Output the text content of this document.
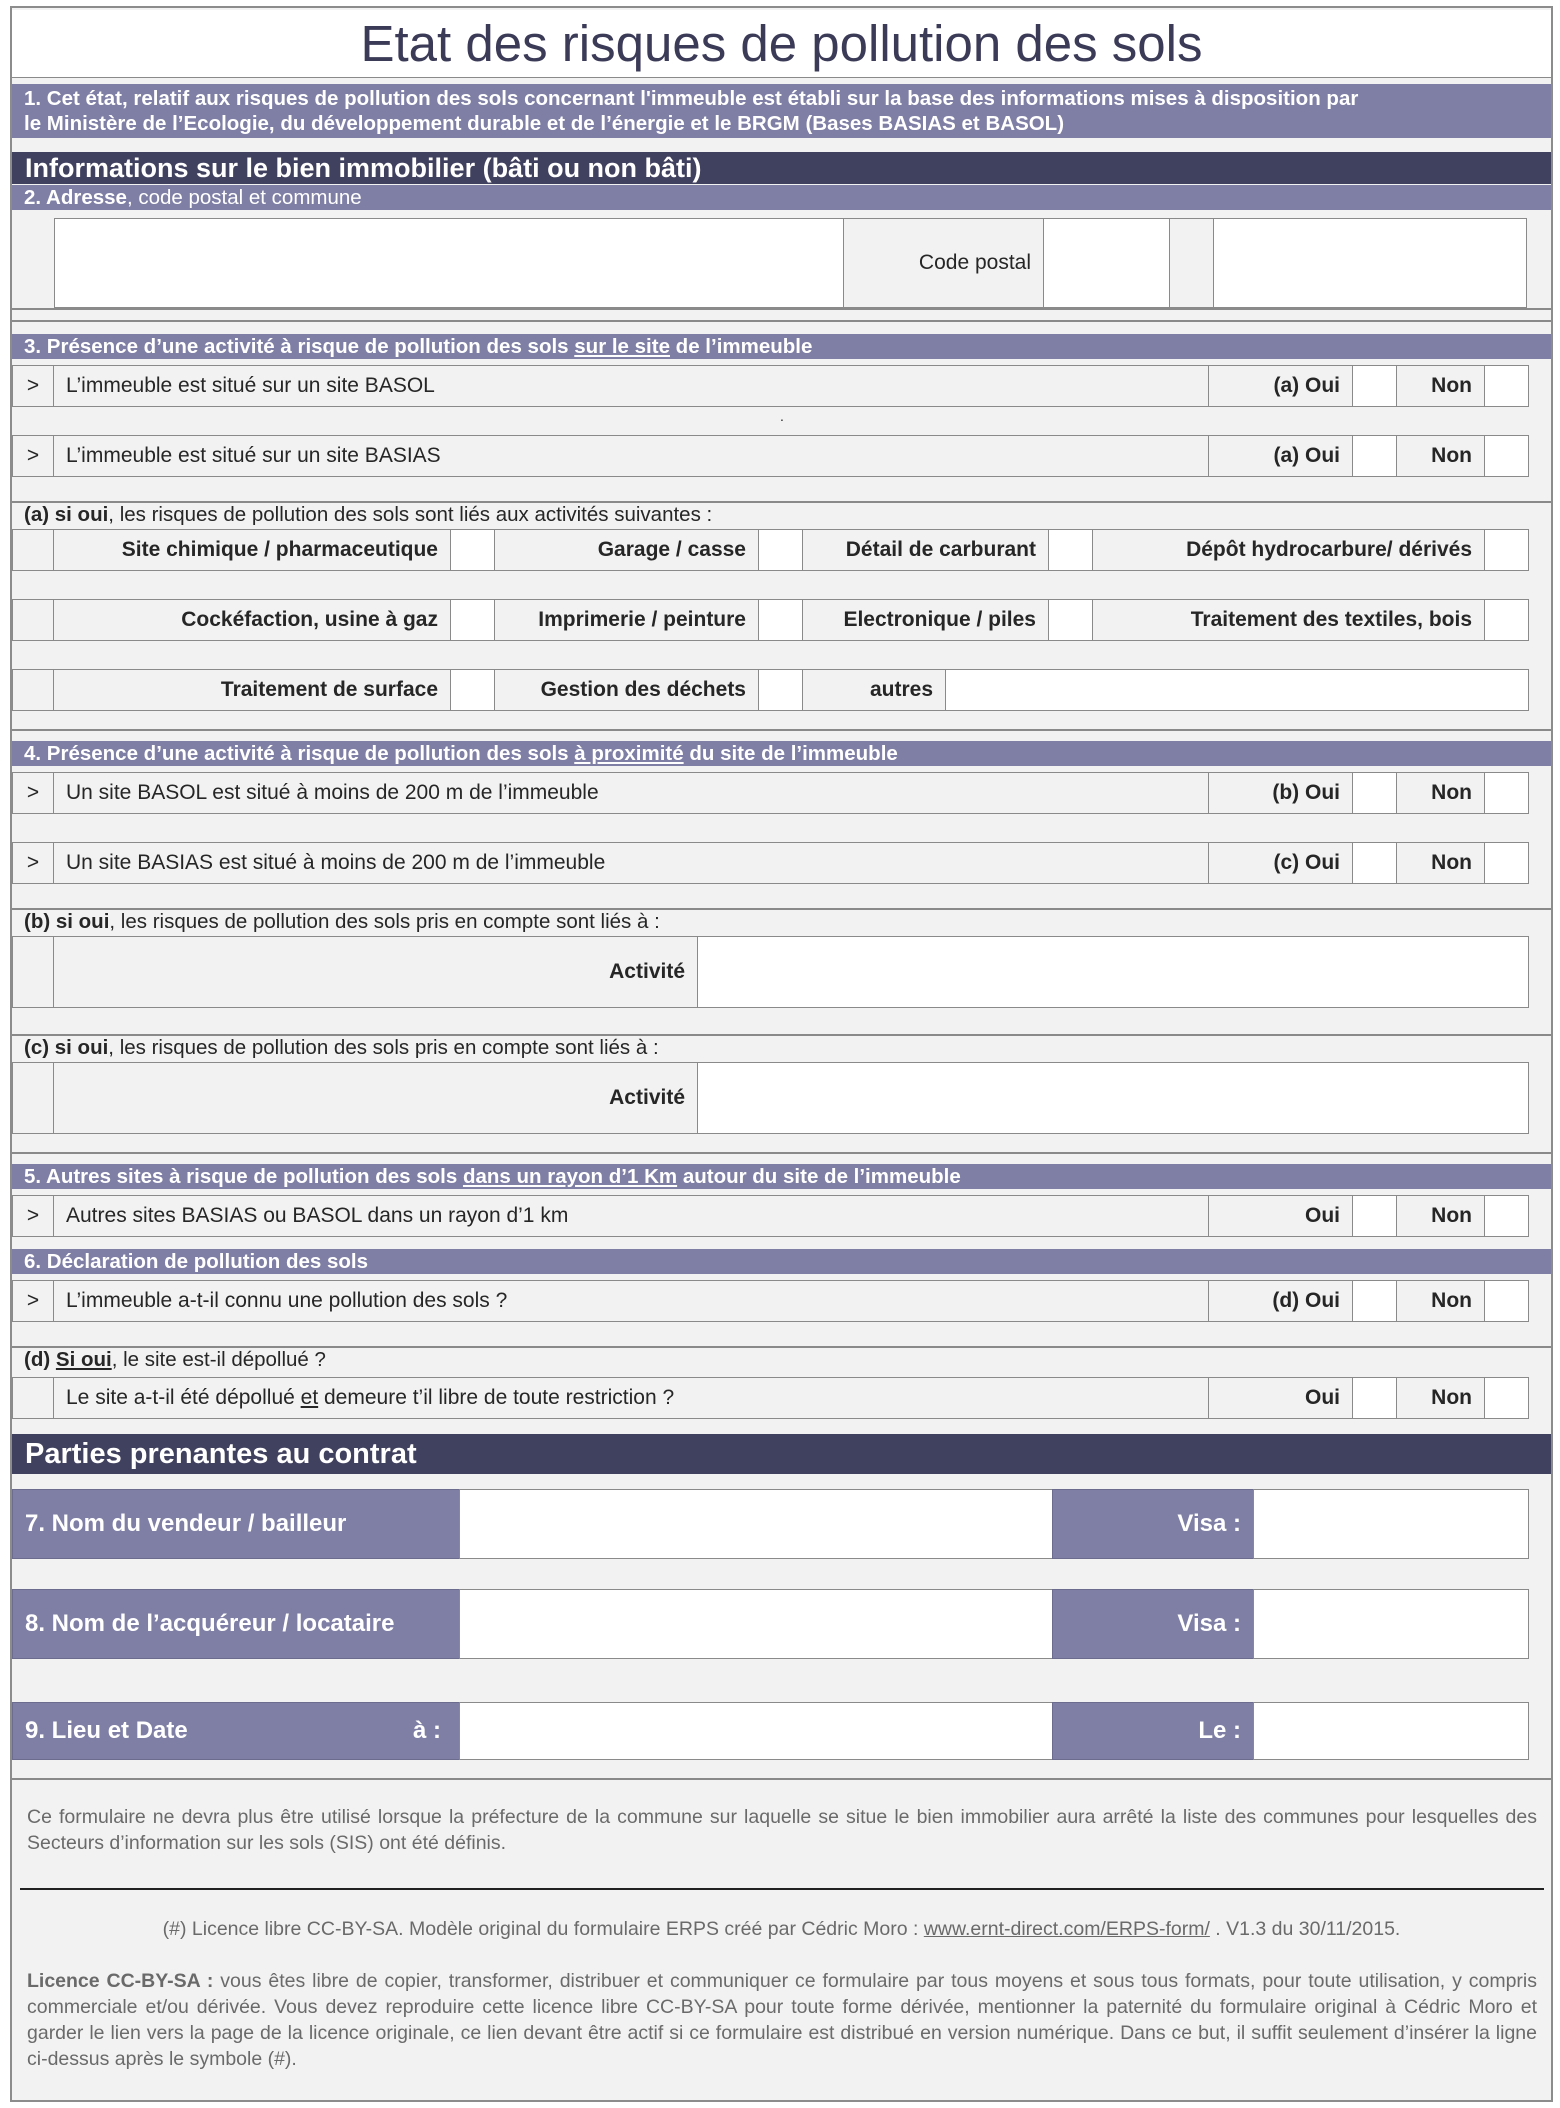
Etat des risques de pollution des sols
1. Cet état, relatif aux risques de pollution des sols concernant l'immeuble est établi sur la base des informations mises à disposition par
le Ministère de l’Ecologie, du développement durable et de l’énergie et le BRGM (Bases BASIAS et BASOL)
Informations sur le bien immobilier (bâti ou non bâti)
2. Adresse , code postal et commune
Code postal
3. Présence d’une activité à risque de pollution des sols sur le site de l’immeuble
>	L’immeuble est situé sur un site BASOL	(a) Oui	Non
.
>	L’immeuble est situé sur un site BASIAS	(a) Oui	Non
(a) si oui, les risques de pollution des sols sont liés aux activités suivantes :
Site chimique / pharmaceutique	Garage / casse	Détail de carburant	Dépôt hydrocarbure/ dérivés
Cockéfaction, usine à gaz	Imprimerie / peinture	Electronique / piles	Traitement des textiles, bois
Traitement de surface	Gestion des déchets	autres
4. Présence d’une activité à risque de pollution des sols à proximité du site de l’immeuble
>	Un site BASOL est situé à moins de 200 m de l’immeuble	(b) Oui	Non
>	Un site BASIAS est situé à moins de 200 m de l’immeuble	(c) Oui	Non
(b) si oui, les risques de pollution des sols pris en compte sont liés à :
Activité
(c) si oui, les risques de pollution des sols pris en compte sont liés à :
Activité
5. Autres sites à risque de pollution des sols dans un rayon d’1 Km autour du site de l’immeuble
>	Autres sites BASIAS ou BASOL dans un rayon d’1 km	Oui	Non
6. Déclaration de pollution des sols
>	L’immeuble a-t-il connu une pollution des sols ?	(d) Oui	Non
(d) Si oui, le site est-il dépollué ?
Le site a-t-il été dépollué et demeure t’il libre de toute restriction ?	Oui	Non
Parties prenantes au contrat
7. Nom du vendeur / bailleur	Visa :
8. Nom de l’acquéreur / locataire	Visa :
9. Lieu et Date	à :	Le :
Ce formulaire ne devra plus être utilisé lorsque la préfecture de la commune sur laquelle se situe le bien immobilier aura arrêté la liste des communes pour lesquelles des Secteurs d’information sur les sols (SIS) ont été définis.
(#) Licence libre CC-BY-SA. Modèle original du formulaire ERPS créé par Cédric Moro : www.ernt-direct.com/ERPS-form/ . V1.3 du 30/11/2015.
Licence CC-BY-SA : vous êtes libre de copier, transformer, distribuer et communiquer ce formulaire par tous moyens et sous tous formats, pour toute utilisation, y compris commerciale et/ou dérivée. Vous devez reproduire cette licence libre CC-BY-SA pour toute forme dérivée, mentionner la paternité du formulaire original à Cédric Moro et garder le lien vers la page de la licence originale, ce lien devant être actif si ce formulaire est distribué en version numérique. Dans ce but, il suffit seulement d’insérer la ligne ci-dessus après le symbole (#).
